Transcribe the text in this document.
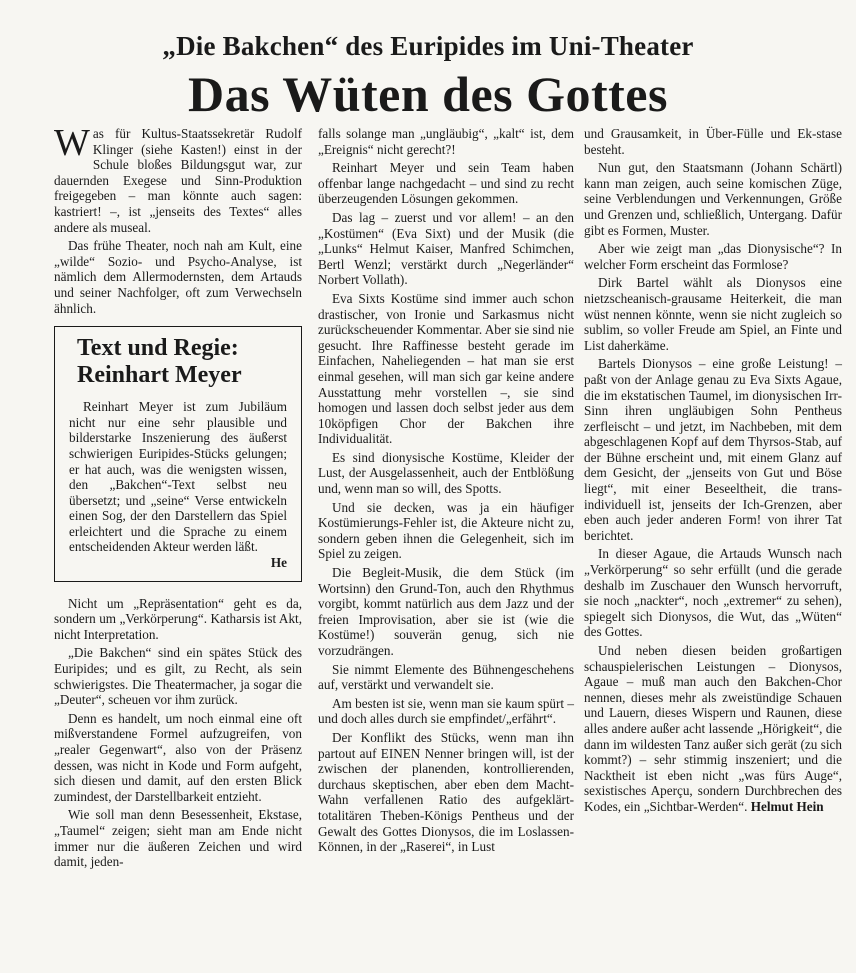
„Die Bakchen“ des Euripides im Uni-Theater
Das Wüten des Gottes

Was für Kultus-Staatssekretär Rudolf Klinger (siehe Kasten!) einst in der Schule bloßes Bildungsgut war, zur dauernden Exegese und Sinn-Produktion freigegeben – man könnte auch sagen: kastriert! –, ist „jenseits des Textes“ alles andere als museal.

Das frühe Theater, noch nah am Kult, eine „wilde“ Sozio- und Psycho-Analyse, ist nämlich dem Allermodernsten, dem Artauds und seiner Nachfolger, oft zum Verwechseln ähnlich.

Text und Regie: Reinhart Meyer
Reinhart Meyer ist zum Jubiläum nicht nur eine sehr plausible und bilderstarke Inszenierung des äußerst schwierigen Euripides-Stücks gelungen; er hat auch, was die wenigsten wissen, den „Bakchen“-Text selbst neu übersetzt; und „seine“ Verse entwickeln einen Sog, der den Darstellern das Spiel erleichtert und die Sprache zu einem entscheidenden Akteur werden läßt.
He

Nicht um „Repräsentation“ geht es da, sondern um „Verkörperung“. Katharsis ist Akt, nicht Interpretation.

„Die Bakchen“ sind ein spätes Stück des Euripides; und es gilt, zu Recht, als sein schwierigstes. Die Theatermacher, ja sogar die „Deuter“, scheuen vor ihm zurück.

Denn es handelt, um noch einmal eine oft mißverstandene Formel aufzugreifen, von „realer Gegenwart“, also von der Präsenz dessen, was nicht in Kode und Form aufgeht, sich diesen und damit, auf den ersten Blick zumindest, der Darstellbarkeit entzieht.

Wie soll man denn Besessenheit, Ekstase, „Taumel“ zeigen; sieht man am Ende nicht immer nur die äußeren Zeichen und wird damit, jeden-

falls solange man „ungläubig“, „kalt“ ist, dem „Ereignis“ nicht gerecht?!

Reinhart Meyer und sein Team haben offenbar lange nachgedacht – und sind zu recht überzeugenden Lösungen gekommen.

Das lag – zuerst und vor allem! – an den „Kostümen“ (Eva Sixt) und der Musik (die „Lunks“ Helmut Kaiser, Manfred Schimchen, Bertl Wenzl; verstärkt durch „Negerländer“ Norbert Vollath).

Eva Sixts Kostüme sind immer auch schon drastischer, von Ironie und Sarkasmus nicht zurückscheuender Kommentar. Aber sie sind nie gesucht. Ihre Raffinesse besteht gerade im Einfachen, Naheliegenden – hat man sie erst einmal gesehen, will man sich gar keine andere Ausstattung mehr vorstellen –, sie sind homogen und lassen doch selbst jeder aus dem 10köpfigen Chor der Bakchen ihre Individualität.

Es sind dionysische Kostüme, Kleider der Lust, der Ausgelassenheit, auch der Entblößung und, wenn man so will, des Spotts.

Und sie decken, was ja ein häufiger Kostümierungs-Fehler ist, die Akteure nicht zu, sondern geben ihnen die Gelegenheit, sich im Spiel zu zeigen.

Die Begleit-Musik, die dem Stück (im Wortsinn) den Grund-Ton, auch den Rhythmus vorgibt, kommt natürlich aus dem Jazz und der freien Improvisation, aber sie ist (wie die Kostüme!) souverän genug, sich nie vorzudrängen.

Sie nimmt Elemente des Bühnengeschehens auf, verstärkt und verwandelt sie.

Am besten ist sie, wenn man sie kaum spürt – und doch alles durch sie empfindet/„erfährt“.

Der Konflikt des Stücks, wenn man ihn partout auf EINEN Nenner bringen will, ist der zwischen der planenden, kontrollierenden, durchaus skeptischen, aber eben dem Macht-Wahn verfallenen Ratio des aufgeklärt-totalitären Theben-Königs Pentheus und der Gewalt des Gottes Dionysos, die im Loslassen-Können, in der „Raserei“, in Lust

und Grausamkeit, in Über-Fülle und Ek-stase besteht.

Nun gut, den Staatsmann (Johann Schärtl) kann man zeigen, auch seine komischen Züge, seine Verblendungen und Verkennungen, Größe und Grenzen und, schließlich, Untergang. Dafür gibt es Formen, Muster.

Aber wie zeigt man „das Dionysische“? In welcher Form erscheint das Formlose?

Dirk Bartel wählt als Dionysos eine nietzscheanisch-grausame Heiterkeit, die man wüst nennen könnte, wenn sie nicht zugleich so sublim, so voller Freude am Spiel, an Finte und List daherkäme.

Bartels Dionysos – eine große Leistung! – paßt von der Anlage genau zu Eva Sixts Agaue, die im ekstatischen Taumel, im dionysischen Irr-Sinn ihren ungläubigen Sohn Pentheus zerfleischt – und jetzt, im Nachbeben, mit dem abgeschlagenen Kopf auf dem Thyrsos-Stab, auf der Bühne erscheint und, mit einem Glanz auf dem Gesicht, der „jenseits von Gut und Böse liegt“, mit einer Beseeltheit, die trans-individuell ist, jenseits der Ich-Grenzen, aber eben auch jeder anderen Form! von ihrer Tat berichtet.

In dieser Agaue, die Artauds Wunsch nach „Verkörperung“ so sehr erfüllt (und die gerade deshalb im Zuschauer den Wunsch hervorruft, sie noch „nackter“, noch „extremer“ zu sehen), spiegelt sich Dionysos, die Wut, das „Wüten“ des Gottes.

Und neben diesen beiden großartigen schauspielerischen Leistungen – Dionysos, Agaue – muß man auch den Bakchen-Chor nennen, dieses mehr als zweistündige Schauen und Lauern, dieses Wispern und Raunen, diese alles andere außer acht lassende „Hörigkeit“, die dann im wildesten Tanz außer sich gerät (zu sich kommt?) – sehr stimmig inszeniert; und die Nacktheit ist eben nicht „was fürs Auge“, sexistisches Aperçu, sondern Durchbrechen des Kodes, ein „Sichtbar-Werden“. Helmut Hein
